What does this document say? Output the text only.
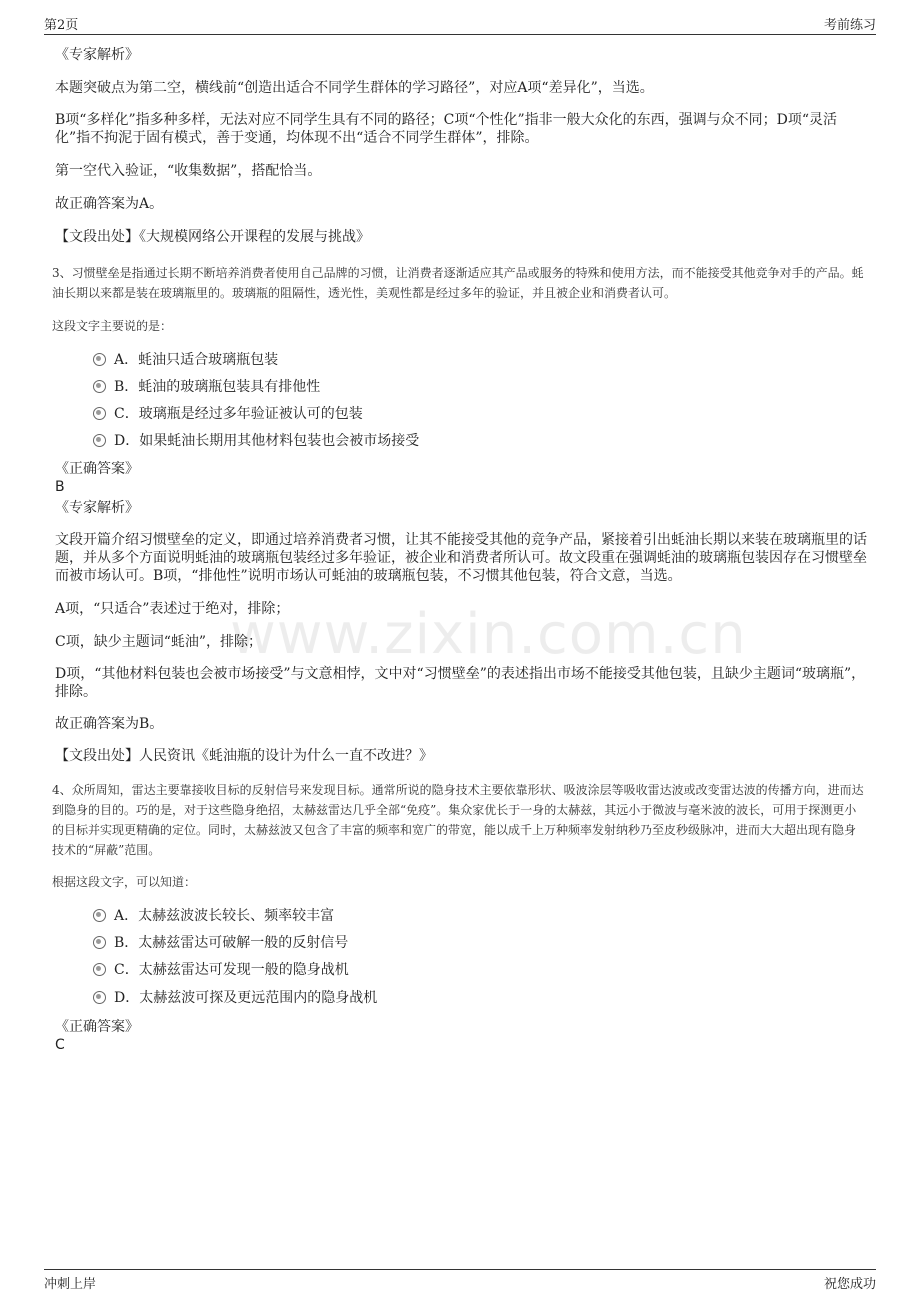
第2页	考前练习
www.zixin.com.cn
《专家解析》
本题突破点为第二空，横线前“创造出适合不同学生群体的学习路径”，对应A项“差异化”，当选。
B项“多样化”指多种多样，无法对应不同学生具有不同的路径；C项“个性化”指非一般大众化的东西，强调与众不同；D项“灵活化”指不拘泥于固有模式，善于变通，均体现不出“适合不同学生群体”，排除。
第一空代入验证，“收集数据”，搭配恰当。
故正确答案为A。
【文段出处】《大规模网络公开课程的发展与挑战》
3、习惯壁垒是指通过长期不断培养消费者使用自己品牌的习惯，让消费者逐渐适应其产品或服务的特殊和使用方法，而不能接受其他竞争对手的产品。蚝油长期以来都是装在玻璃瓶里的。玻璃瓶的阻隔性，透光性，美观性都是经过多年的验证，并且被企业和消费者认可。
这段文字主要说的是：
A．蚝油只适合玻璃瓶包装
B．蚝油的玻璃瓶包装具有排他性
C．玻璃瓶是经过多年验证被认可的包装
D．如果蚝油长期用其他材料包装也会被市场接受
《正确答案》
B
《专家解析》
文段开篇介绍习惯壁垒的定义，即通过培养消费者习惯，让其不能接受其他的竞争产品，紧接着引出蚝油长期以来装在玻璃瓶里的话题，并从多个方面说明蚝油的玻璃瓶包装经过多年验证，被企业和消费者所认可。故文段重在强调蚝油的玻璃瓶包装因存在习惯壁垒而被市场认可。B项，“排他性”说明市场认可蚝油的玻璃瓶包装，不习惯其他包装，符合文意，当选。
A项，“只适合”表述过于绝对，排除；
C项，缺少主题词“蚝油”，排除；
D项，“其他材料包装也会被市场接受”与文意相悖，文中对“习惯壁垒”的表述指出市场不能接受其他包装，且缺少主题词“玻璃瓶”，排除。
故正确答案为B。
【文段出处】人民资讯《蚝油瓶的设计为什么一直不改进？》
4、众所周知，雷达主要靠接收目标的反射信号来发现目标。通常所说的隐身技术主要依靠形状、吸波涂层等吸收雷达波或改变雷达波的传播方向，进而达到隐身的目的。巧的是，对于这些隐身绝招，太赫兹雷达几乎全部“免疫”。集众家优长于一身的太赫兹，其远小于微波与毫米波的波长，可用于探测更小的目标并实现更精确的定位。同时，太赫兹波又包含了丰富的频率和宽广的带宽，能以成千上万种频率发射纳秒乃至皮秒级脉冲，进而大大超出现有隐身技术的“屏蔽”范围。
根据这段文字，可以知道：
A．太赫兹波波长较长、频率较丰富
B．太赫兹雷达可破解一般的反射信号
C．太赫兹雷达可发现一般的隐身战机
D．太赫兹波可探及更远范围内的隐身战机
《正确答案》
C
冲刺上岸	祝您成功
